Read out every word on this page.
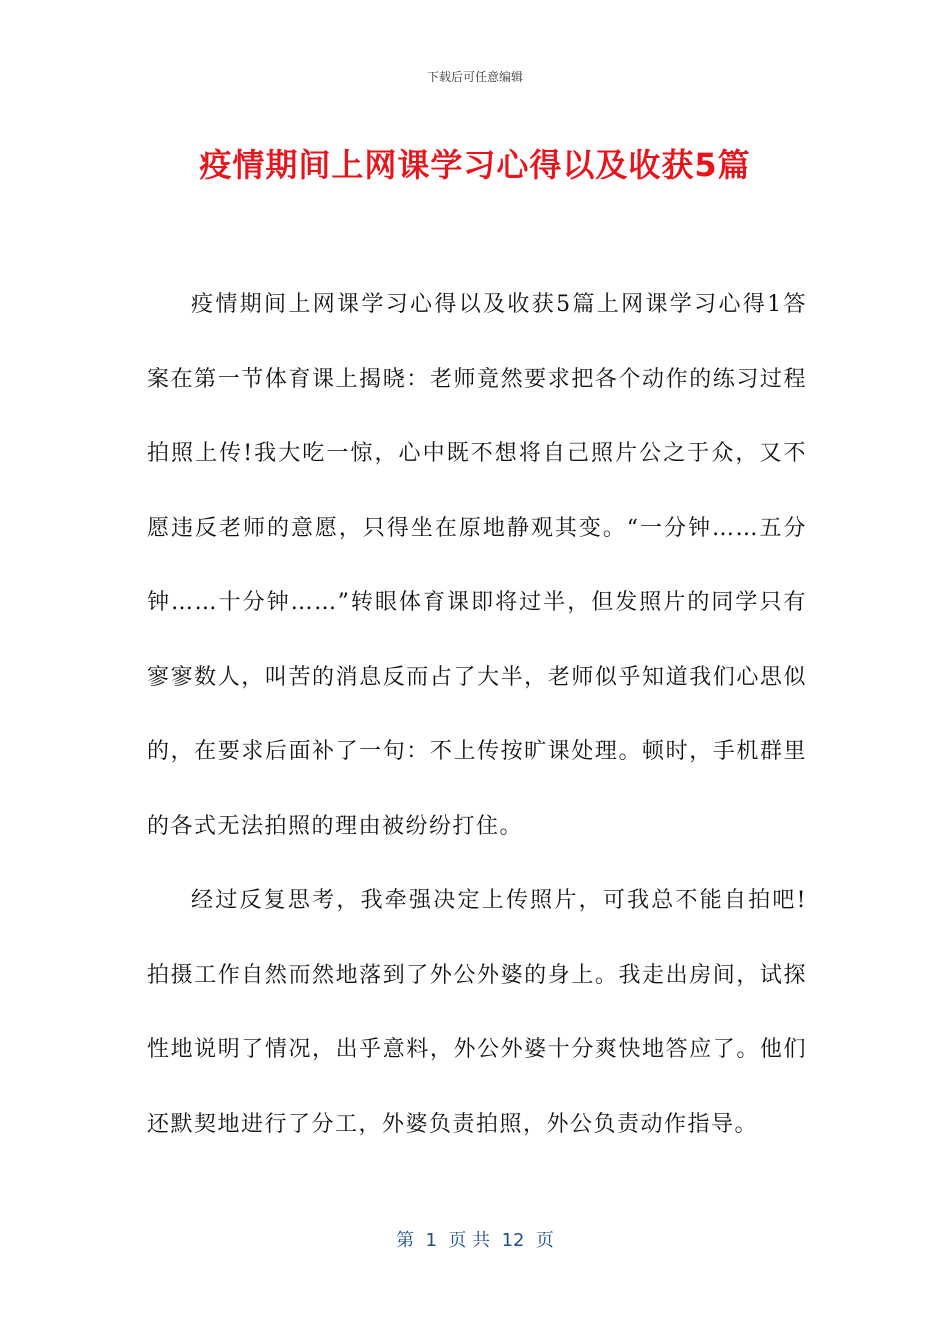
下载后可任意编辑
疫情期间上网课学习心得以及收获5篇

疫情期间上网课学习心得以及收获5篇上网课学习心得1答案在第一节体育课上揭晓：老师竟然要求把各个动作的练习过程拍照上传!我大吃一惊，心中既不想将自己照片公之于众，又不愿违反老师的意愿，只得坐在原地静观其变。“一分钟……五分钟……十分钟……”转眼体育课即将过半，但发照片的同学只有寥寥数人，叫苦的消息反而占了大半，老师似乎知道我们心思似的，在要求后面补了一句：不上传按旷课处理。顿时，手机群里的各式无法拍照的理由被纷纷打住。

经过反复思考，我牵强决定上传照片，可我总不能自拍吧!拍摄工作自然而然地落到了外公外婆的身上。我走出房间，试探性地说明了情况，出乎意料，外公外婆十分爽快地答应了。他们还默契地进行了分工，外婆负责拍照，外公负责动作指导。

第  1  页 共  12  页
